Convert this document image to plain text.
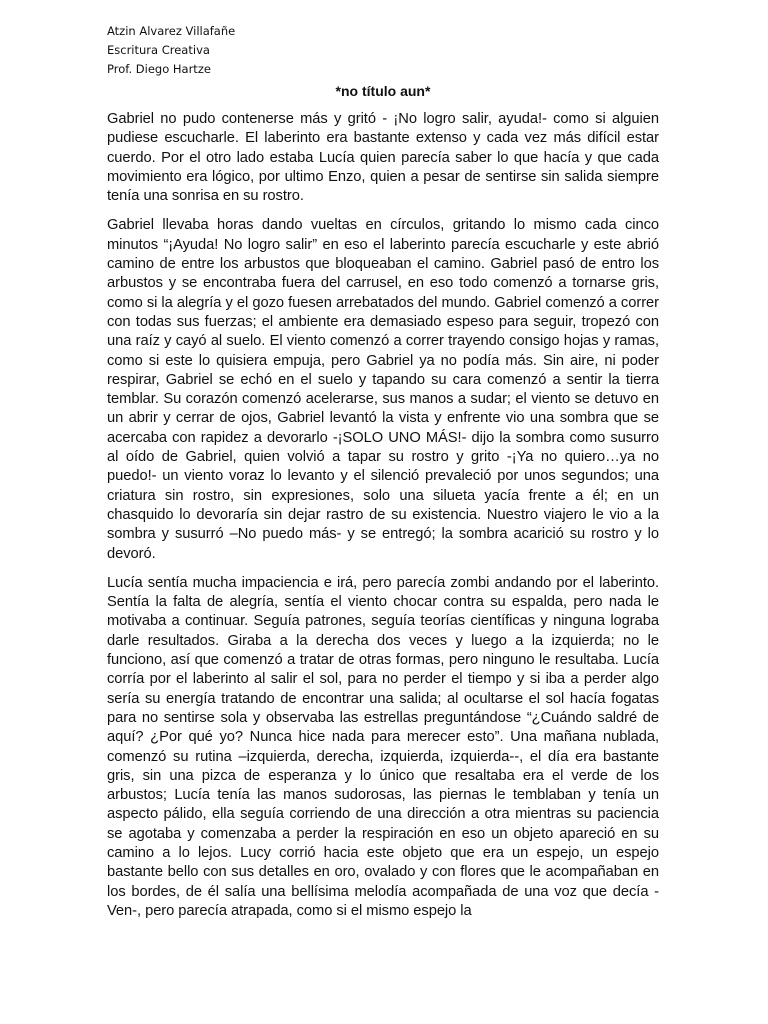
Atzin Alvarez Villafañe
Escritura Creativa
Prof. Diego Hartze
*no título aun*

Gabriel no pudo contenerse más y gritó - ¡No logro salir, ayuda!- como si alguien pudiese escucharle. El laberinto era bastante extenso y cada vez más difícil estar cuerdo. Por el otro lado estaba Lucía quien parecía saber lo que hacía y que cada movimiento era lógico, por ultimo Enzo, quien a pesar de sentirse sin salida siempre tenía una sonrisa en su rostro.

Gabriel llevaba horas dando vueltas en círculos, gritando lo mismo cada cinco minutos “¡Ayuda! No logro salir” en eso el laberinto parecía escucharle y este abrió camino de entre los arbustos que bloqueaban el camino. Gabriel pasó de entro los arbustos y se encontraba fuera del carrusel, en eso todo comenzó a tornarse gris, como si la alegría y el gozo fuesen arrebatados del mundo. Gabriel comenzó a correr con todas sus fuerzas; el ambiente era demasiado espeso para seguir, tropezó con una raíz y cayó al suelo. El viento comenzó a correr trayendo consigo hojas y ramas, como si este lo quisiera empuja, pero Gabriel ya no podía más. Sin aire, ni poder respirar, Gabriel se echó en el suelo y tapando su cara comenzó a sentir la tierra temblar. Su corazón comenzó acelerarse, sus manos a sudar; el viento se detuvo en un abrir y cerrar de ojos, Gabriel levantó la vista y enfrente vio una sombra que se acercaba con rapidez a devorarlo -¡SOLO UNO MÁS!- dijo la sombra como susurro al oído de Gabriel, quien volvió a tapar su rostro y grito -¡Ya no quiero…ya no puedo!- un viento voraz lo levanto y el silenció prevaleció por unos segundos; una criatura sin rostro, sin expresiones, solo una silueta yacía frente a él; en un chasquido lo devoraría sin dejar rastro de su existencia. Nuestro viajero le vio a la sombra y susurró –No puedo más- y se entregó; la sombra acarició su rostro y lo devoró.

Lucía sentía mucha impaciencia e irá, pero parecía zombi andando por el laberinto. Sentía la falta de alegría, sentía el viento chocar contra su espalda, pero nada le motivaba a continuar. Seguía patrones, seguía teorías científicas y ninguna lograba darle resultados. Giraba a la derecha dos veces y luego a la izquierda; no le funciono, así que comenzó a tratar de otras formas, pero ninguno le resultaba. Lucía corría por el laberinto al salir el sol, para no perder el tiempo y si iba a perder algo sería su energía tratando de encontrar una salida; al ocultarse el sol hacía fogatas para no sentirse sola y observaba las estrellas preguntándose “¿Cuándo saldré de aquí? ¿Por qué yo? Nunca hice nada para merecer esto”. Una mañana nublada, comenzó su rutina –izquierda, derecha, izquierda, izquierda--, el día era bastante gris, sin una pizca de esperanza y lo único que resaltaba era el verde de los arbustos; Lucía tenía las manos sudorosas, las piernas le temblaban y tenía un aspecto pálido, ella seguía corriendo de una dirección a otra mientras su paciencia se agotaba y comenzaba a perder la respiración en eso un objeto apareció en su camino a lo lejos. Lucy corrió hacia este objeto que era un espejo, un espejo bastante bello con sus detalles en oro, ovalado y con flores que le acompañaban en los bordes, de él salía una bellísima melodía acompañada de una voz que decía -Ven-, pero parecía atrapada, como si el mismo espejo la
